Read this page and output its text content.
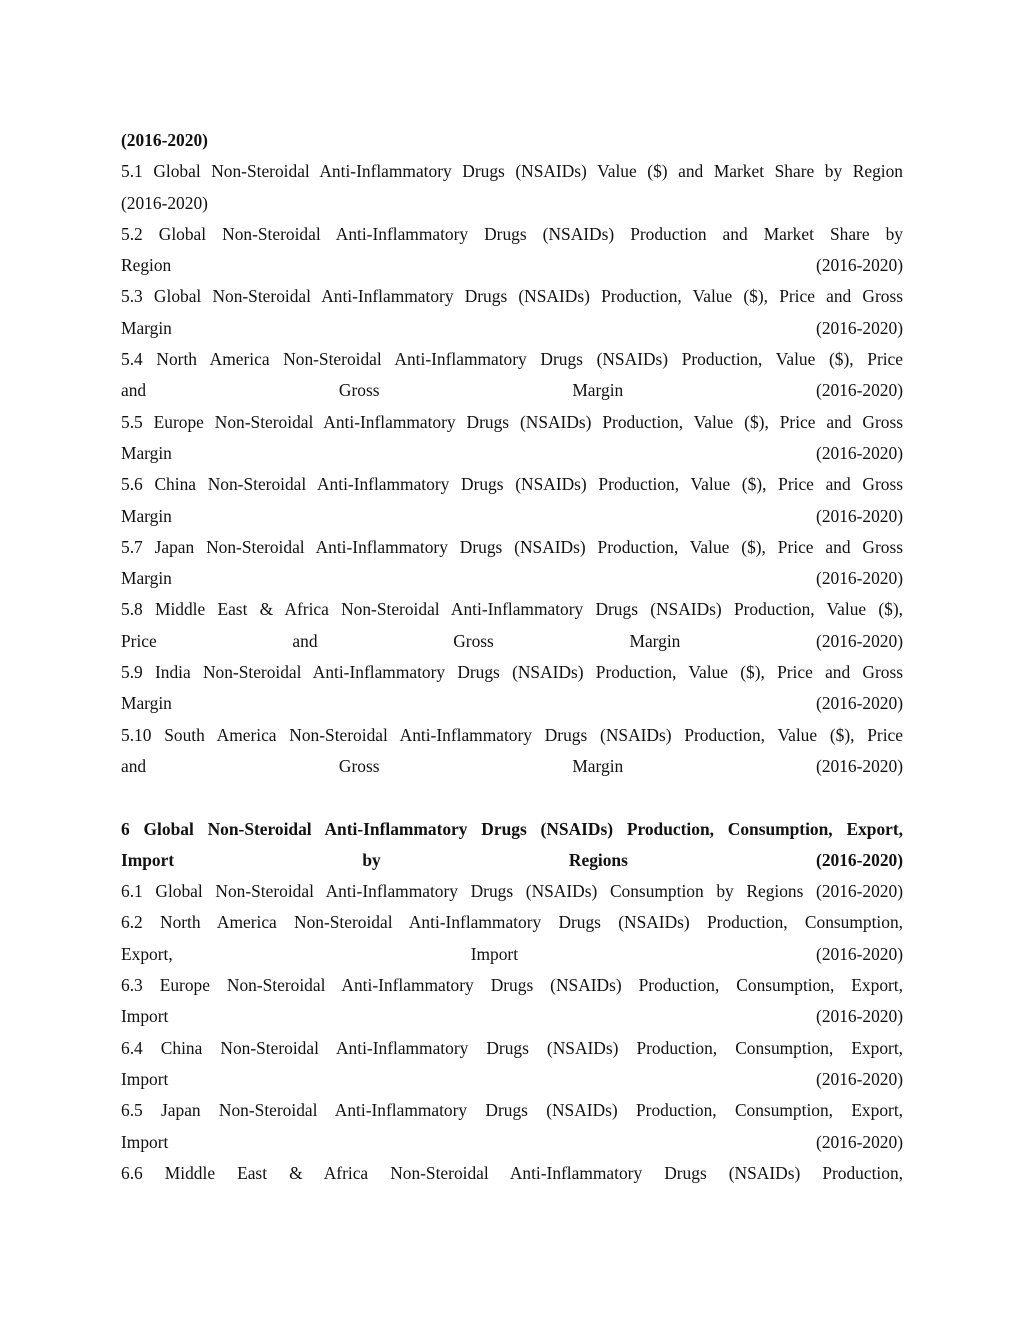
(2016-2020)

5.1 Global Non-Steroidal Anti-Inflammatory Drugs (NSAIDs) Value ($) and Market Share by Region

(2016-2020)

5.2 Global Non-Steroidal Anti-Inflammatory Drugs (NSAIDs) Production and Market Share by

Region (2016-2020)

5.3 Global Non-Steroidal Anti-Inflammatory Drugs (NSAIDs) Production, Value ($), Price and Gross

Margin (2016-2020)

5.4 North America Non-Steroidal Anti-Inflammatory Drugs (NSAIDs) Production, Value ($), Price

and Gross Margin (2016-2020)

5.5 Europe Non-Steroidal Anti-Inflammatory Drugs (NSAIDs) Production, Value ($), Price and Gross

Margin (2016-2020)

5.6 China Non-Steroidal Anti-Inflammatory Drugs (NSAIDs) Production, Value ($), Price and Gross

Margin (2016-2020)

5.7 Japan Non-Steroidal Anti-Inflammatory Drugs (NSAIDs) Production, Value ($), Price and Gross

Margin (2016-2020)

5.8 Middle East & Africa Non-Steroidal Anti-Inflammatory Drugs (NSAIDs) Production, Value ($),

Price and Gross Margin (2016-2020)

5.9 India Non-Steroidal Anti-Inflammatory Drugs (NSAIDs) Production, Value ($), Price and Gross

Margin (2016-2020)

5.10 South America Non-Steroidal Anti-Inflammatory Drugs (NSAIDs) Production, Value ($), Price

and Gross Margin (2016-2020)

6 Global Non-Steroidal Anti-Inflammatory Drugs (NSAIDs) Production, Consumption, Export,

Import by Regions (2016-2020)

6.1 Global Non-Steroidal Anti-Inflammatory Drugs (NSAIDs) Consumption by Regions (2016-2020)

6.2 North America Non-Steroidal Anti-Inflammatory Drugs (NSAIDs) Production, Consumption,

Export, Import (2016-2020)

6.3 Europe Non-Steroidal Anti-Inflammatory Drugs (NSAIDs) Production, Consumption, Export,

Import (2016-2020)

6.4 China Non-Steroidal Anti-Inflammatory Drugs (NSAIDs) Production, Consumption, Export,

Import (2016-2020)

6.5 Japan Non-Steroidal Anti-Inflammatory Drugs (NSAIDs) Production, Consumption, Export,

Import (2016-2020)

6.6 Middle East & Africa Non-Steroidal Anti-Inflammatory Drugs (NSAIDs) Production,
